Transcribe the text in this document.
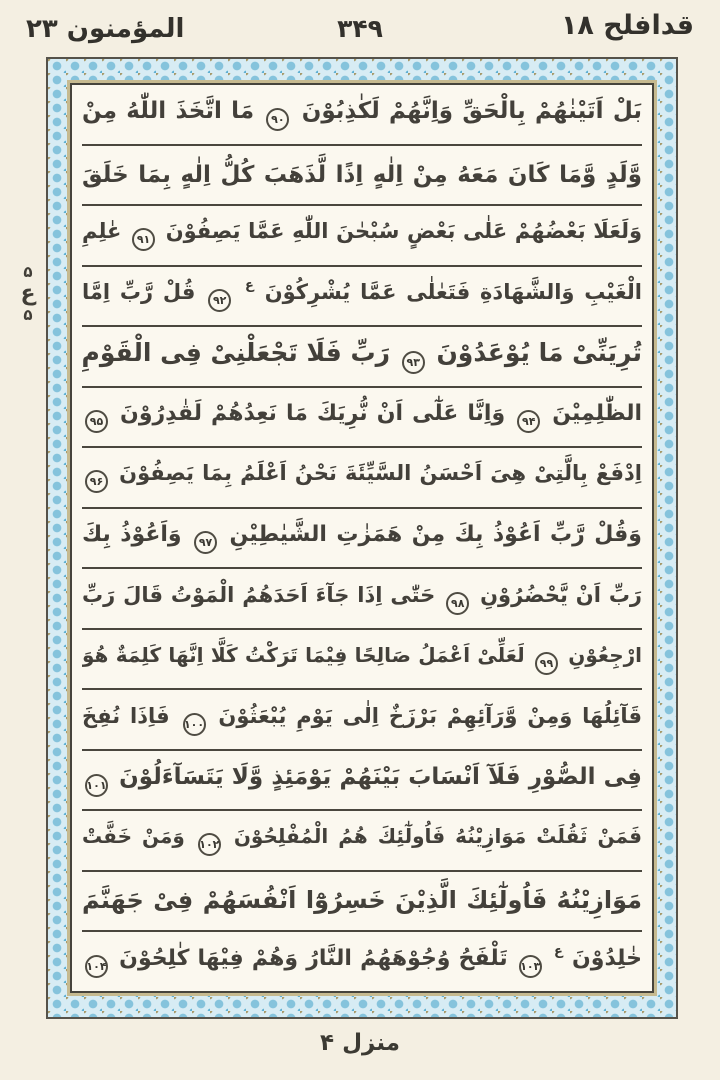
قدافلح ۱۸
۳۴۹
المؤمنون ۲۳
۵
ع
۵
بَلْ اَتَيْنٰهُمْ بِالْحَقِّ وَاِنَّهُمْ لَكٰذِبُوْنَ ۹۰ مَا اتَّخَذَ اللّٰهُ مِنْ
وَّلَدٍ وَّمَا كَانَ مَعَهُ مِنْ اِلٰهٍ اِذًا لَّذَهَبَ كُلُّ اِلٰهٍ بِمَا خَلَقَ
وَلَعَلَا بَعْضُهُمْ عَلٰى بَعْضٍ سُبْحٰنَ اللّٰهِ عَمَّا يَصِفُوْنَ ۹۱ عٰلِمِ
الْغَيْبِ وَالشَّهَادَةِ فَتَعٰلٰى عَمَّا يُشْرِكُوْنَ $^ع$ ۹۲ قُلْ رَّبِّ اِمَّا
تُرِيَنِّىْ مَا يُوْعَدُوْنَ ۹۳ رَبِّ فَلَا تَجْعَلْنِىْ فِى الْقَوْمِ
الظّٰلِمِيْنَ ۹۴ وَاِنَّا عَلٰٓى اَنْ نُّرِيَكَ مَا نَعِدُهُمْ لَقٰدِرُوْنَ ۹۵
اِدْفَعْ بِالَّتِىْ هِىَ اَحْسَنُ السَّيِّئَةَ نَحْنُ اَعْلَمُ بِمَا يَصِفُوْنَ ۹۶
وَقُلْ رَّبِّ اَعُوْذُ بِكَ مِنْ هَمَزٰتِ الشَّيٰطِيْنِ ۹۷ وَاَعُوْذُ بِكَ
رَبِّ اَنْ يَّحْضُرُوْنِ ۹۸ حَتّٰى اِذَا جَآءَ اَحَدَهُمُ الْمَوْتُ قَالَ رَبِّ
ارْجِعُوْنِ ۹۹ لَعَلِّىْ اَعْمَلُ صَالِحًا فِيْمَا تَرَكْتُ كَلَّا اِنَّهَا كَلِمَةٌ هُوَ
قَآئِلُهَا وَمِنْ وَّرَآئِهِمْ بَرْزَخٌ اِلٰى يَوْمِ يُبْعَثُوْنَ ۱۰۰ فَاِذَا نُفِخَ
فِى الصُّوْرِ فَلَآ اَنْسَابَ بَيْنَهُمْ يَوْمَئِذٍ وَّلَا يَتَسَآءَلُوْنَ ۱۰۱
فَمَنْ ثَقُلَتْ مَوَازِيْنُهُ فَاُولٰٓئِكَ هُمُ الْمُفْلِحُوْنَ ۱۰۲ وَمَنْ خَفَّتْ
مَوَازِيْنُهُ فَاُولٰٓئِكَ الَّذِيْنَ خَسِرُوْٓا اَنْفُسَهُمْ فِىْ جَهَنَّمَ
خٰلِدُوْنَ $^ع$ ۱۰۳ تَلْفَحُ وُجُوْهَهُمُ النَّارُ وَهُمْ فِيْهَا كٰلِحُوْنَ ۱۰۴
منزل ۴
